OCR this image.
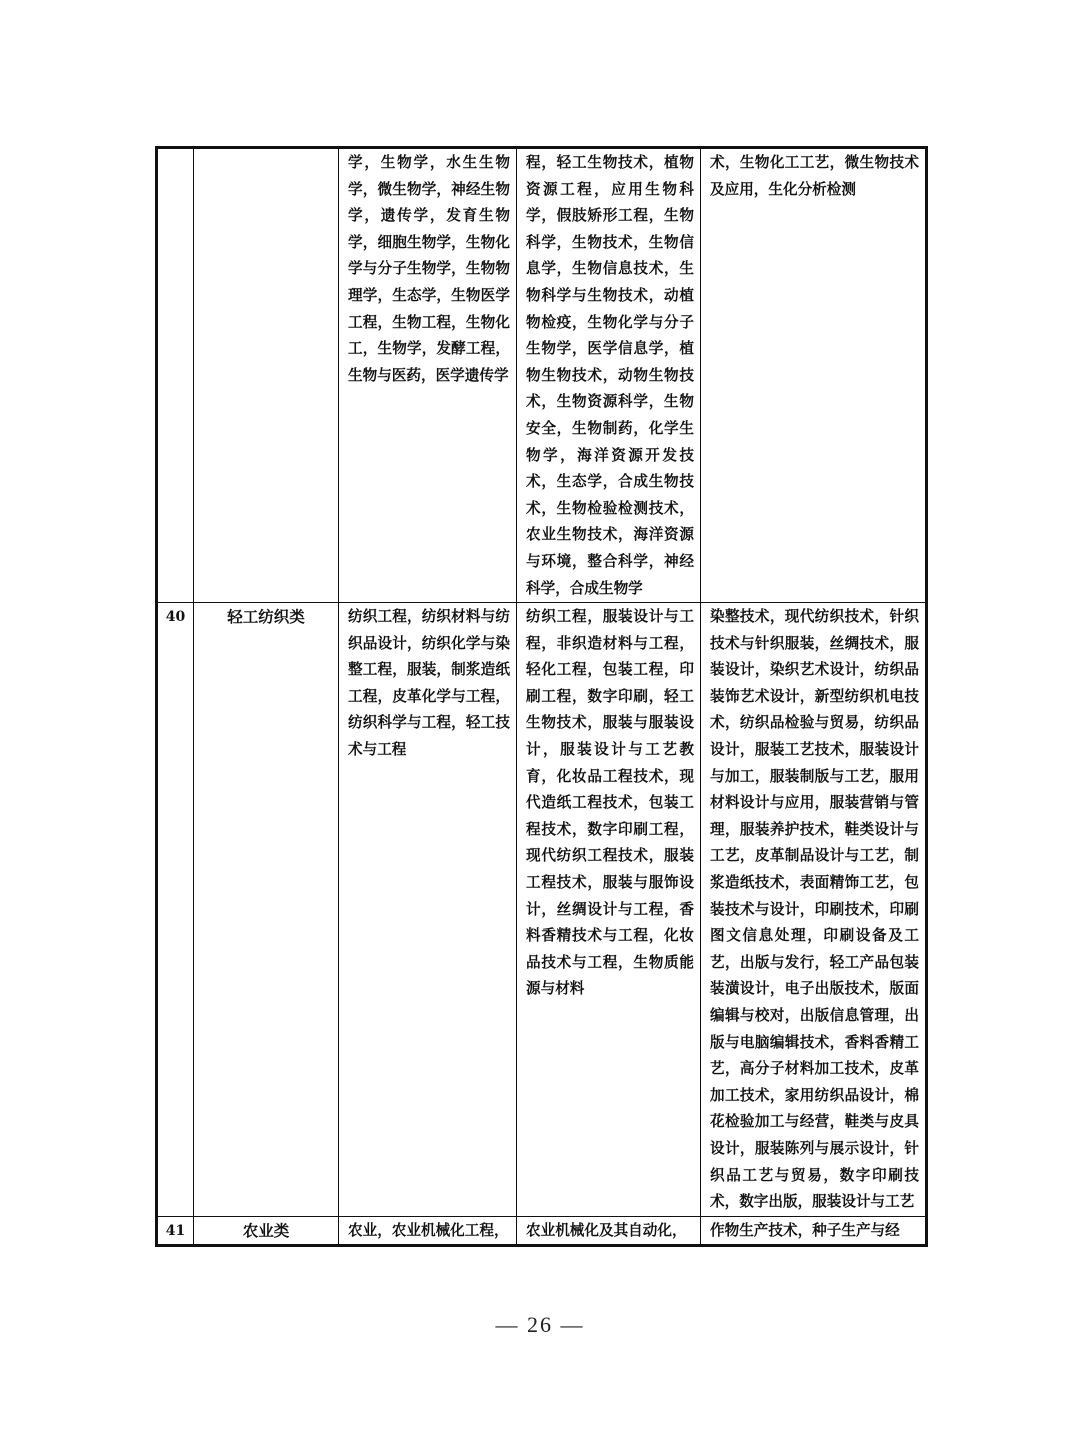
		学，生物学，水生生物学，微生物学，神经生物学，遗传学，发育生物学，细胞生物学，生物化学与分子生物学，生物物理学，生态学，生物医学工程，生物工程，生物化工，生物学，发酵工程，生物与医药，医学遗传学	程，轻工生物技术，植物资源工程，应用生物科学，假肢矫形工程，生物科学，生物技术，生物信息学，生物信息技术，生物科学与生物技术，动植物检疫，生物化学与分子生物学，医学信息学，植物生物技术，动物生物技术，生物资源科学，生物安全，生物制药，化学生物学，海洋资源开发技术，生态学，合成生物技术，生物检验检测技术，农业生物技术，海洋资源与环境，整合科学，神经科学，合成生物学	术，生物化工工艺，微生物技术及应用，生化分析检测

40	轻工纺织类	纺织工程，纺织材料与纺织品设计，纺织化学与染整工程，服装，制浆造纸工程，皮革化学与工程，纺织科学与工程，轻工技术与工程	纺织工程，服装设计与工程，非织造材料与工程，轻化工程，包装工程，印刷工程，数字印刷，轻工生物技术，服装与服装设计，服装设计与工艺教育，化妆品工程技术，现代造纸工程技术，包装工程技术，数字印刷工程，现代纺织工程技术，服装工程技术，服装与服饰设计，丝绸设计与工程，香料香精技术与工程，化妆品技术与工程，生物质能源与材料	染整技术，现代纺织技术，针织技术与针织服装，丝绸技术，服装设计，染织艺术设计，纺织品装饰艺术设计，新型纺织机电技术，纺织品检验与贸易，纺织品设计，服装工艺技术，服装设计与加工，服装制版与工艺，服用材料设计与应用，服装营销与管理，服装养护技术，鞋类设计与工艺，皮革制品设计与工艺，制浆造纸技术，表面精饰工艺，包装技术与设计，印刷技术，印刷图文信息处理，印刷设备及工艺，出版与发行，轻工产品包装装潢设计，电子出版技术，版面编辑与校对，出版信息管理，出版与电脑编辑技术，香料香精工艺，高分子材料加工技术，皮革加工技术，家用纺织品设计，棉花检验加工与经营，鞋类与皮具设计，服装陈列与展示设计，针织品工艺与贸易，数字印刷技术，数字出版，服装设计与工艺

41	农业类	农业，农业机械化工程，	农业机械化及其自动化，	作物生产技术，种子生产与经
— 26 —
